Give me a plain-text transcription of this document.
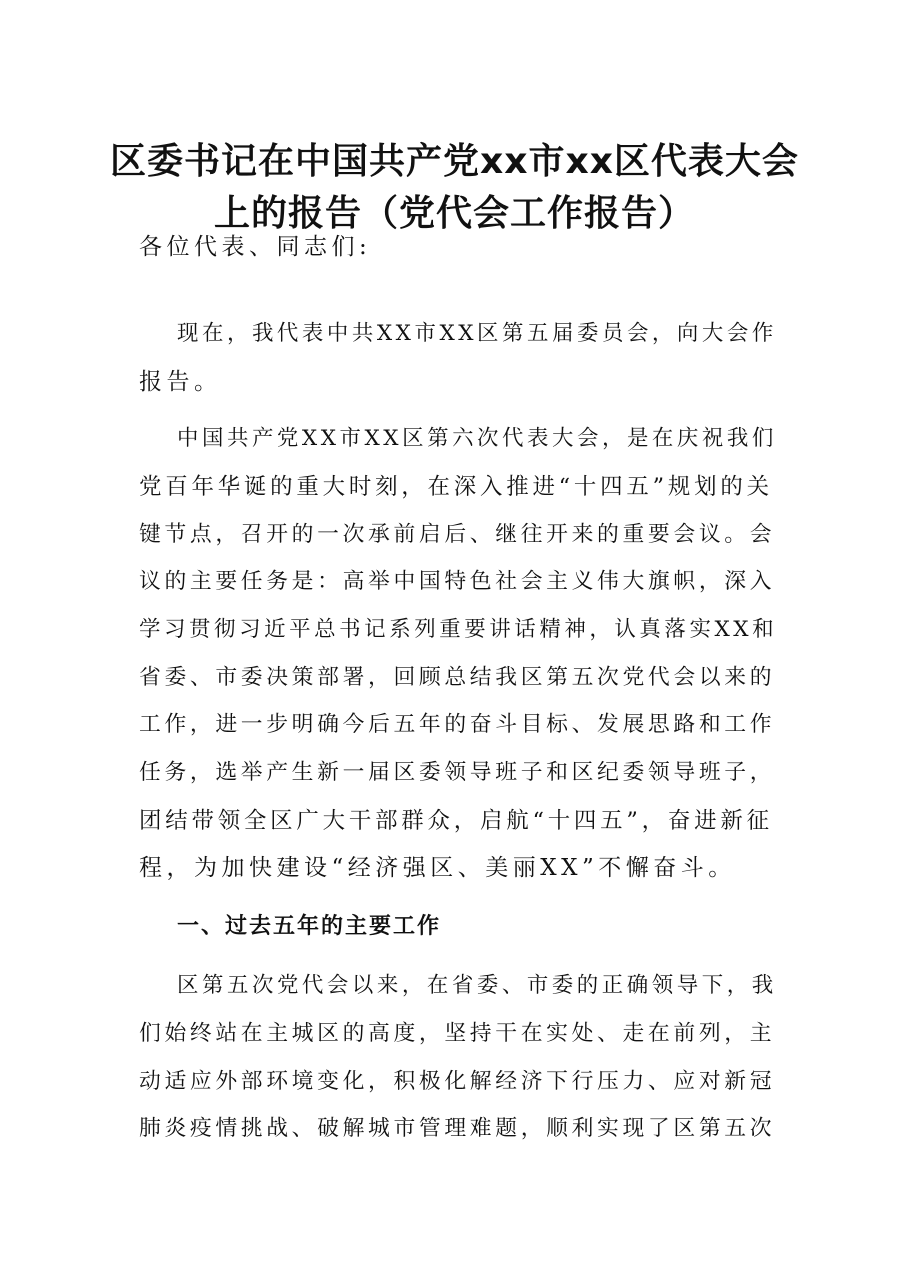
区委书记在中国共产党xx市xx区代表大会
上的报告（党代会工作报告）
各位代表、同志们:
现在，我代表中共XX市XX区第五届委员会，向大会作
报告。
中国共产党XX市XX区第六次代表大会，是在庆祝我们
党百年华诞的重大时刻，在深入推进“十四五”规划的关
键节点，召开的一次承前启后、继往开来的重要会议。会
议的主要任务是：高举中国特色社会主义伟大旗帜，深入
学习贯彻习近平总书记系列重要讲话精神，认真落实XX和
省委、市委决策部署，回顾总结我区第五次党代会以来的
工作，进一步明确今后五年的奋斗目标、发展思路和工作
任务，选举产生新一届区委领导班子和区纪委领导班子，
团结带领全区广大干部群众，启航“十四五”，奋进新征
程，为加快建设“经济强区、美丽XX”不懈奋斗。
一、过去五年的主要工作
区第五次党代会以来，在省委、市委的正确领导下，我
们始终站在主城区的高度，坚持干在实处、走在前列，主
动适应外部环境变化，积极化解经济下行压力、应对新冠
肺炎疫情挑战、破解城市管理难题，顺利实现了区第五次
